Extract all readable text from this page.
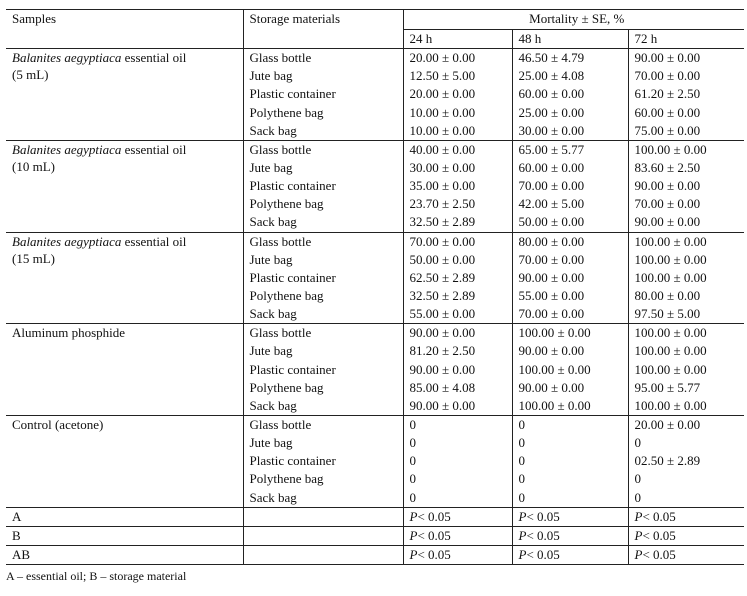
Samples	Storage materials	Mortality ± SE, %		
		24 h	48 h	72 h
Balanites aegyptiaca essential oil
(5 mL)	Glass bottle	20.00 ± 0.00	46.50 ± 4.79	90.00 ± 0.00
	Jute bag	12.50 ± 5.00	25.00 ± 4.08	70.00 ± 0.00
	Plastic container	20.00 ± 0.00	60.00 ± 0.00	61.20 ± 2.50
	Polythene bag	10.00 ± 0.00	25.00 ± 0.00	60.00 ± 0.00
	Sack bag	10.00 ± 0.00	30.00 ± 0.00	75.00 ± 0.00
Balanites aegyptiaca essential oil
(10 mL)	Glass bottle	40.00 ± 0.00	65.00 ± 5.77	100.00 ± 0.00
	Jute bag	30.00 ± 0.00	60.00 ± 0.00	83.60 ± 2.50
	Plastic container	35.00 ± 0.00	70.00 ± 0.00	90.00 ± 0.00
	Polythene bag	23.70 ± 2.50	42.00 ± 5.00	70.00 ± 0.00
	Sack bag	32.50 ± 2.89	50.00 ± 0.00	90.00 ± 0.00
Balanites aegyptiaca essential oil
(15 mL)	Glass bottle	70.00 ± 0.00	80.00 ± 0.00	100.00 ± 0.00
	Jute bag	50.00 ± 0.00	70.00 ± 0.00	100.00 ± 0.00
	Plastic container	62.50 ± 2.89	90.00 ± 0.00	100.00 ± 0.00
	Polythene bag	32.50 ± 2.89	55.00 ± 0.00	80.00 ± 0.00
	Sack bag	55.00 ± 0.00	70.00 ± 0.00	97.50 ± 5.00
Aluminum phosphide	Glass bottle	90.00 ± 0.00	100.00 ± 0.00	100.00 ± 0.00
	Jute bag	81.20 ± 2.50	90.00 ± 0.00	100.00 ± 0.00
	Plastic container	90.00 ± 0.00	100.00 ± 0.00	100.00 ± 0.00
	Polythene bag	85.00 ± 4.08	90.00 ± 0.00	95.00 ± 5.77
	Sack bag	90.00 ± 0.00	100.00 ± 0.00	100.00 ± 0.00
Control (acetone)	Glass bottle	0	0	20.00 ± 0.00
	Jute bag	0	0	0
	Plastic container	0	0	02.50 ± 2.89
	Polythene bag	0	0	0
	Sack bag	0	0	0
A		P< 0.05	P< 0.05	P< 0.05
B		P< 0.05	P< 0.05	P< 0.05
AB		P< 0.05	P< 0.05	P< 0.05
A – essential oil; B – storage material
